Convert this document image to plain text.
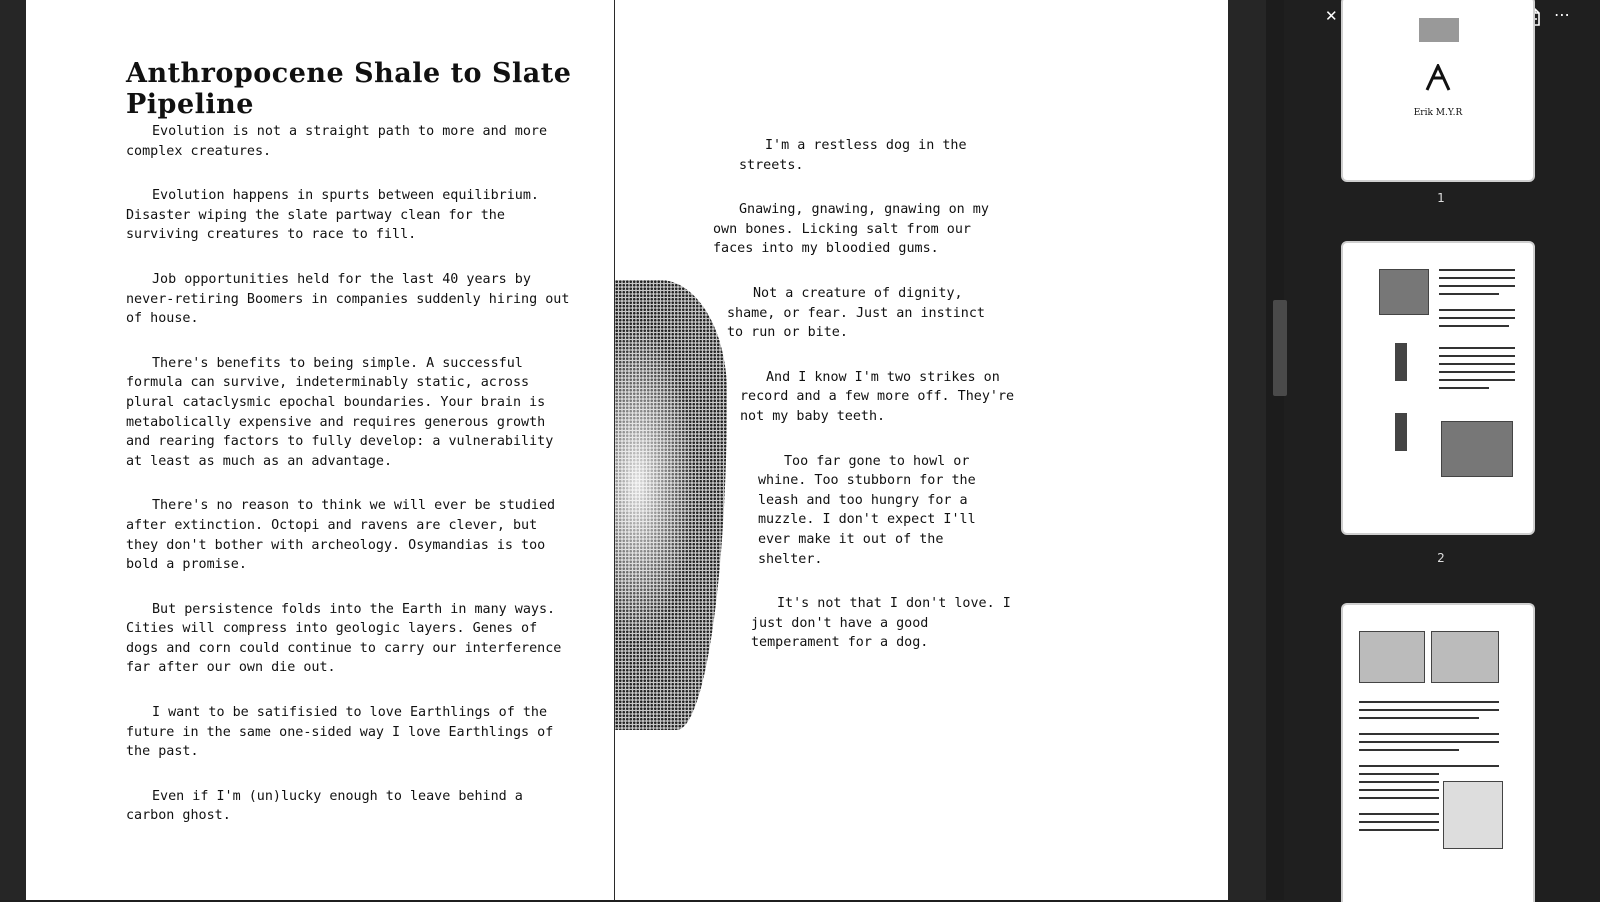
Anthropocene Shale to Slate Pipeline

Evolution is not a straight path to more and more complex creatures.

Evolution happens in spurts between equilibrium. Disaster wiping the slate partway clean for the surviving creatures to race to fill.

Job opportunities held for the last 40 years by never-retiring Boomers in companies suddenly hiring out of house.

There's benefits to being simple. A successful formula can survive, indeterminably static, across plural cataclysmic epochal boundaries. Your brain is metabolically expensive and requires generous growth and rearing factors to fully develop: a vulnerability at least as much as an advantage.

There's no reason to think we will ever be studied after extinction. Octopi and ravens are clever, but they don't bother with archeology. Osymandias is too bold a promise.

But persistence folds into the Earth in many ways. Cities will compress into geologic layers. Genes of dogs and corn could continue to carry our interference far after our own die out.

I want to be satifisied to love Earthlings of the future in the same one-sided way I love Earthlings of the past.

Even if I'm (un)lucky enough to leave behind a carbon ghost.

I'm a restless dog in the streets.

Gnawing, gnawing, gnawing on my own bones. Licking salt from our faces into my bloodied gums.

Not a creature of dignity, shame, or fear. Just an instinct to run or bite.

And I know I'm two strikes on record and a few more off. They're not my baby teeth.

Too far gone to howl or whine. Too stubborn for the leash and too hungry for a muzzle. I don't expect I'll ever make it out of the shelter.

It's not that I don't love. I just don't have a good temperament for a dog.

✕	⋯
Erik M.Y.R
1
2
